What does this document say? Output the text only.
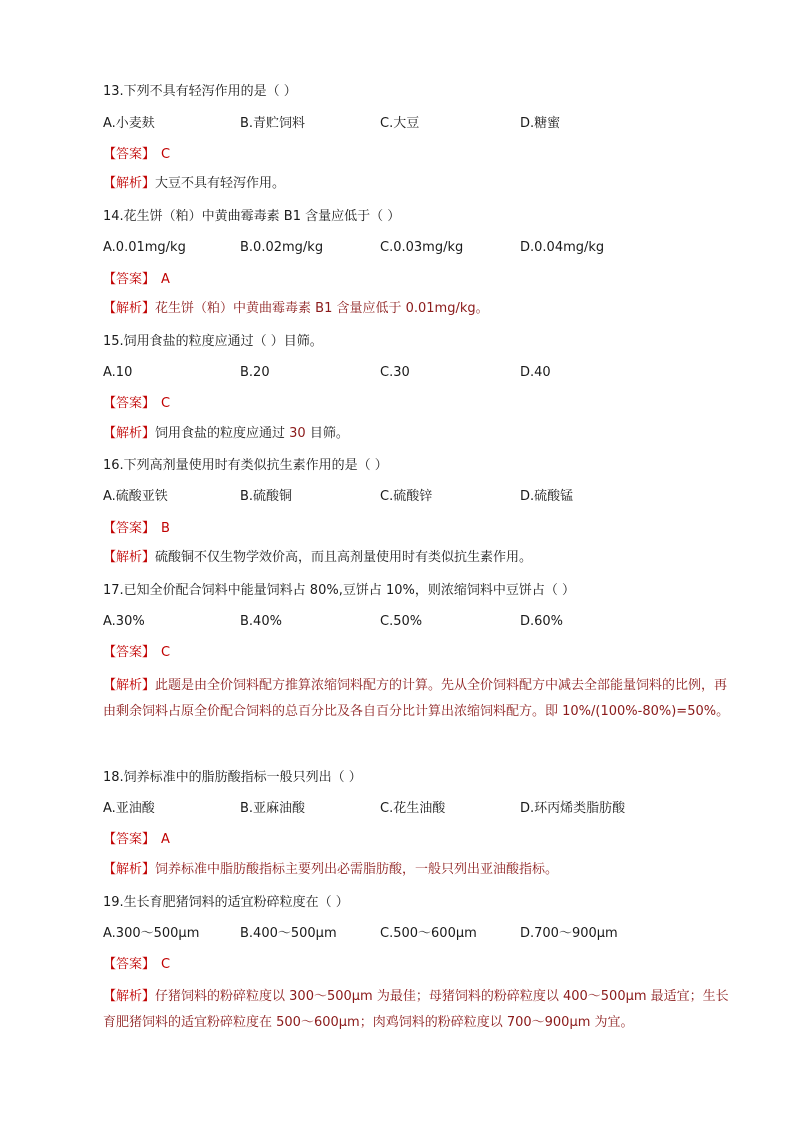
13.下列不具有轻泻作用的是（ ）
A.小麦麸	B.青贮饲料	C.大豆	D.糖蜜
【答案】 C
【解析】大豆不具有轻泻作用。
14.花生饼（粕）中黄曲霉毒素 B1 含量应低于（ ）
A.0.01mg/kg	B.0.02mg/kg	C.0.03mg/kg	D.0.04mg/kg
【答案】 A
【解析】花生饼（粕）中黄曲霉毒素 B1 含量应低于 0.01mg/kg。
15.饲用食盐的粒度应通过（ ）目筛。
A.10	B.20	C.30	D.40
【答案】 C
【解析】饲用食盐的粒度应通过 30 目筛。
16.下列高剂量使用时有类似抗生素作用的是（ ）
A.硫酸亚铁	B.硫酸铜	C.硫酸锌	D.硫酸锰
【答案】 B
【解析】硫酸铜不仅生物学效价高，而且高剂量使用时有类似抗生素作用。
17.已知全价配合饲料中能量饲料占 80%,豆饼占 10%，则浓缩饲料中豆饼占（ ）
A.30%	B.40%	C.50%	D.60%
【答案】 C
【解析】此题是由全价饲料配方推算浓缩饲料配方的计算。先从全价饲料配方中减去全部能量饲料的比例，再由剩余饲料占原全价配合饲料的总百分比及各自百分比计算出浓缩饲料配方。即 10%/(100%-80%)=50%。
18.饲养标准中的脂肪酸指标一般只列出（ ）
A.亚油酸	B.亚麻油酸	C.花生油酸	D.环丙烯类脂肪酸
【答案】 A
【解析】饲养标准中脂肪酸指标主要列出必需脂肪酸，一般只列出亚油酸指标。
19.生长育肥猪饲料的适宜粉碎粒度在（ ）
A.300～500μm	B.400～500μm	C.500～600μm	D.700～900μm
【答案】 C
【解析】仔猪饲料的粉碎粒度以 300～500μm 为最佳；母猪饲料的粉碎粒度以 400～500μm 最适宜；生长育肥猪饲料的适宜粉碎粒度在 500～600μm；肉鸡饲料的粉碎粒度以 700～900μm 为宜。
